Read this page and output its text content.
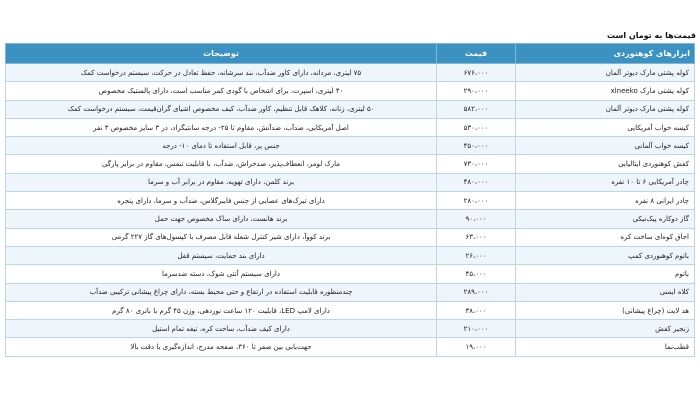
قیمت‌ها به تومان است
ابزارهای کوهنوردی	قیمت	توضیحات
کوله پشتی مارک دیوتر آلمان	۶۷۶،۰۰۰	۷۵ لیتری، مردانه، دارای کاور ضدآب، بند سرشانه، حفظ تعادل در حرکت، سیستم درخواست کمک
کوله پشتی مارک xlneeko	۲۹۰،۰۰۰	۴۰ لیتری، اسپرت، برای اشخاص با گودی کمر مناسب است، دارای پالستیک مخصوص
کوله پشتی مارک دیوتر آلمان	۵۸۲،۰۰۰	۵۰ لیتری، زنانه، کلاهک قابل تنظیم، کاور ضدآب، کیف مخصوص اشیای گران‌قیمت، سیستم درخواست کمک
کیسه خواب آمریکایی	۵۳۰،۰۰۰	اصل آمریکایی، ضدآب، ضدآتش، مقاوم تا ۲۵- درجه سانتیگراد، در ۳ سایز مخصوص ۳ نفر
کیسه خواب آلمانی	۴۵۰،۰۰۰	جنس پر، قابل استفاده تا دمای ۱۰- درجه
کفش کوهنوردی ایتالیایی	۷۳۰،۰۰۰	مارک لومر، انعطاف‌پذیر، ضدخراش، ضدآب، با قابلیت تنفس، مقاوم در برابر پارگی
چادر آمریکایی ۶ تا ۱۰ نفره	۴۸۰،۰۰۰	برند کلمن، دارای تهویه، مقاوم در برابر آب و سرما
چادر ایرانی ۸ نفره	۲۸۰،۰۰۰	دارای تیرک‌های عصایی از جنس فایبرگلاس، ضدآب و سرما، دارای پنجره
گاز دوکاره پیک‌نیکی	۹۰،۰۰۰	برند هانست، دارای ساک مخصوص جهت حمل
اجاق کوه‌ای ساخت کره	۶۳،۰۰۰	برند کووآ، دارای شیر کنترل شعله قابل مصرف با کپسول‌های گاز ۲۲۷ گرمی
باتوم کوهنوردی کمپ	۲۶،۰۰۰	دارای بند حمایت، سیستم قفل
باتوم	۴۵،۰۰۰	دارای سیستم آنتی شوک، دسته ضدسرما
کلاه ایمنی	۲۸۹،۰۰۰	چندمنظوره قابلیت استفاده در ارتفاع و حتی محیط بسته، دارای چراغ پیشانی ترکیبی ضدآب
هد لایت (چراغ پیشانی)	۳۸،۰۰۰	دارای لامپ LED، قابلیت ۱۲۰ ساعت نوردهی، وزن ۴۵ گرم با باتری ۸۰ گرم
زنجیر کفش	۲۱۰،۰۰۰	دارای کیف ضدآب، ساخت کره، تیغه تمام استیل
قطب‌نما	۱۹،۰۰۰	جهت‌یابی بین صفر تا ۳۶۰، صفحه مدرج، اندازه‌گیری با دقت بالا
